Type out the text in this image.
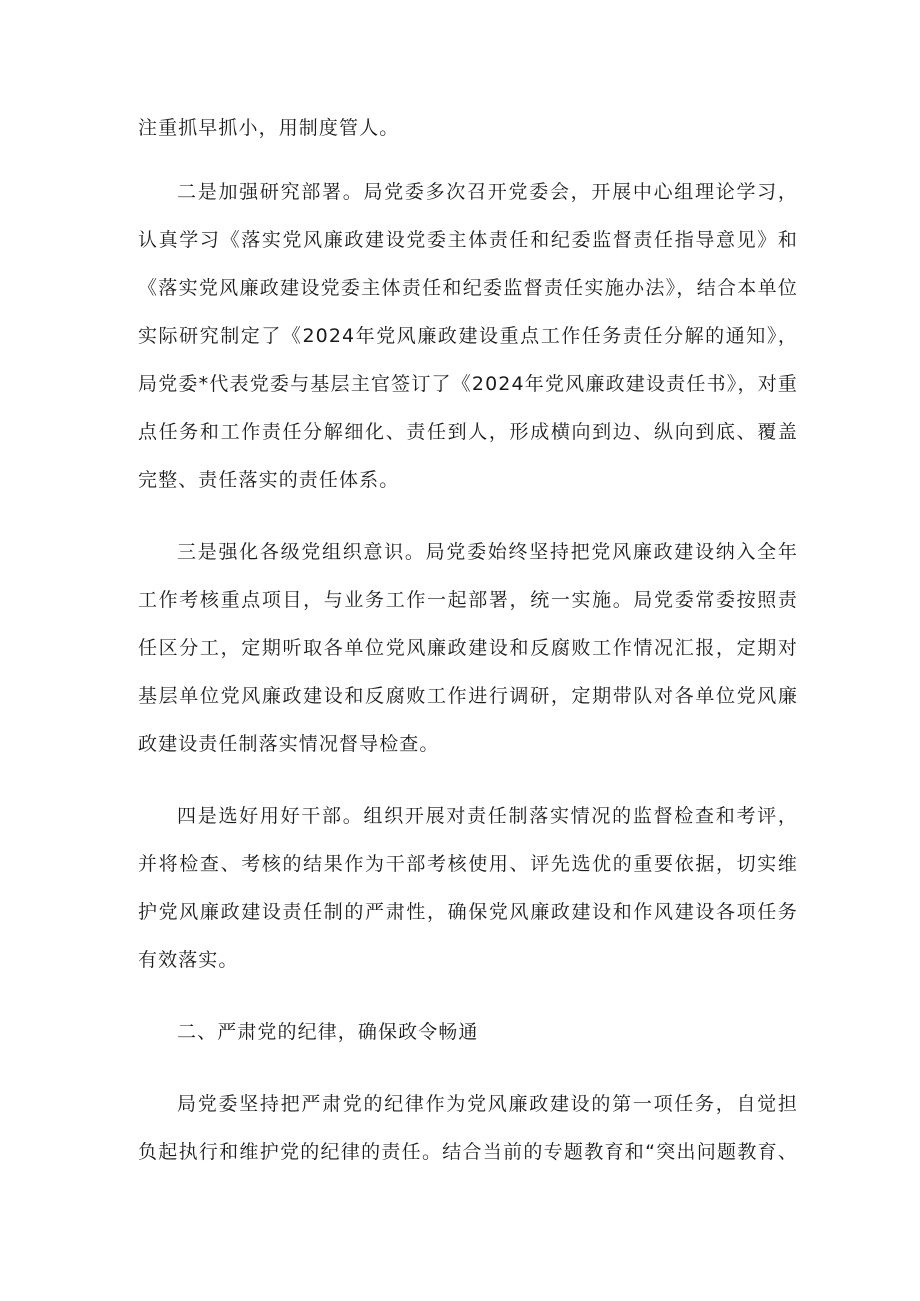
注重抓早抓小，用制度管人。
二是加强研究部署。局党委多次召开党委会，开展中心组理论学习，
认真学习《落实党风廉政建设党委主体责任和纪委监督责任指导意见》和
《落实党风廉政建设党委主体责任和纪委监督责任实施办法》，结合本单位
实际研究制定了《2024年党风廉政建设重点工作任务责任分解的通知》，
局党委*代表党委与基层主官签订了《2024年党风廉政建设责任书》，对重
点任务和工作责任分解细化、责任到人，形成横向到边、纵向到底、覆盖
完整、责任落实的责任体系。
三是强化各级党组织意识。局党委始终坚持把党风廉政建设纳入全年
工作考核重点项目，与业务工作一起部署，统一实施。局党委常委按照责
任区分工，定期听取各单位党风廉政建设和反腐败工作情况汇报，定期对
基层单位党风廉政建设和反腐败工作进行调研，定期带队对各单位党风廉
政建设责任制落实情况督导检查。
四是选好用好干部。组织开展对责任制落实情况的监督检查和考评，
并将检查、考核的结果作为干部考核使用、评先选优的重要依据，切实维
护党风廉政建设责任制的严肃性，确保党风廉政建设和作风建设各项任务
有效落实。
二、严肃党的纪律，确保政令畅通
局党委坚持把严肃党的纪律作为党风廉政建设的第一项任务，自觉担
负起执行和维护党的纪律的责任。结合当前的专题教育和“突出问题教育、
